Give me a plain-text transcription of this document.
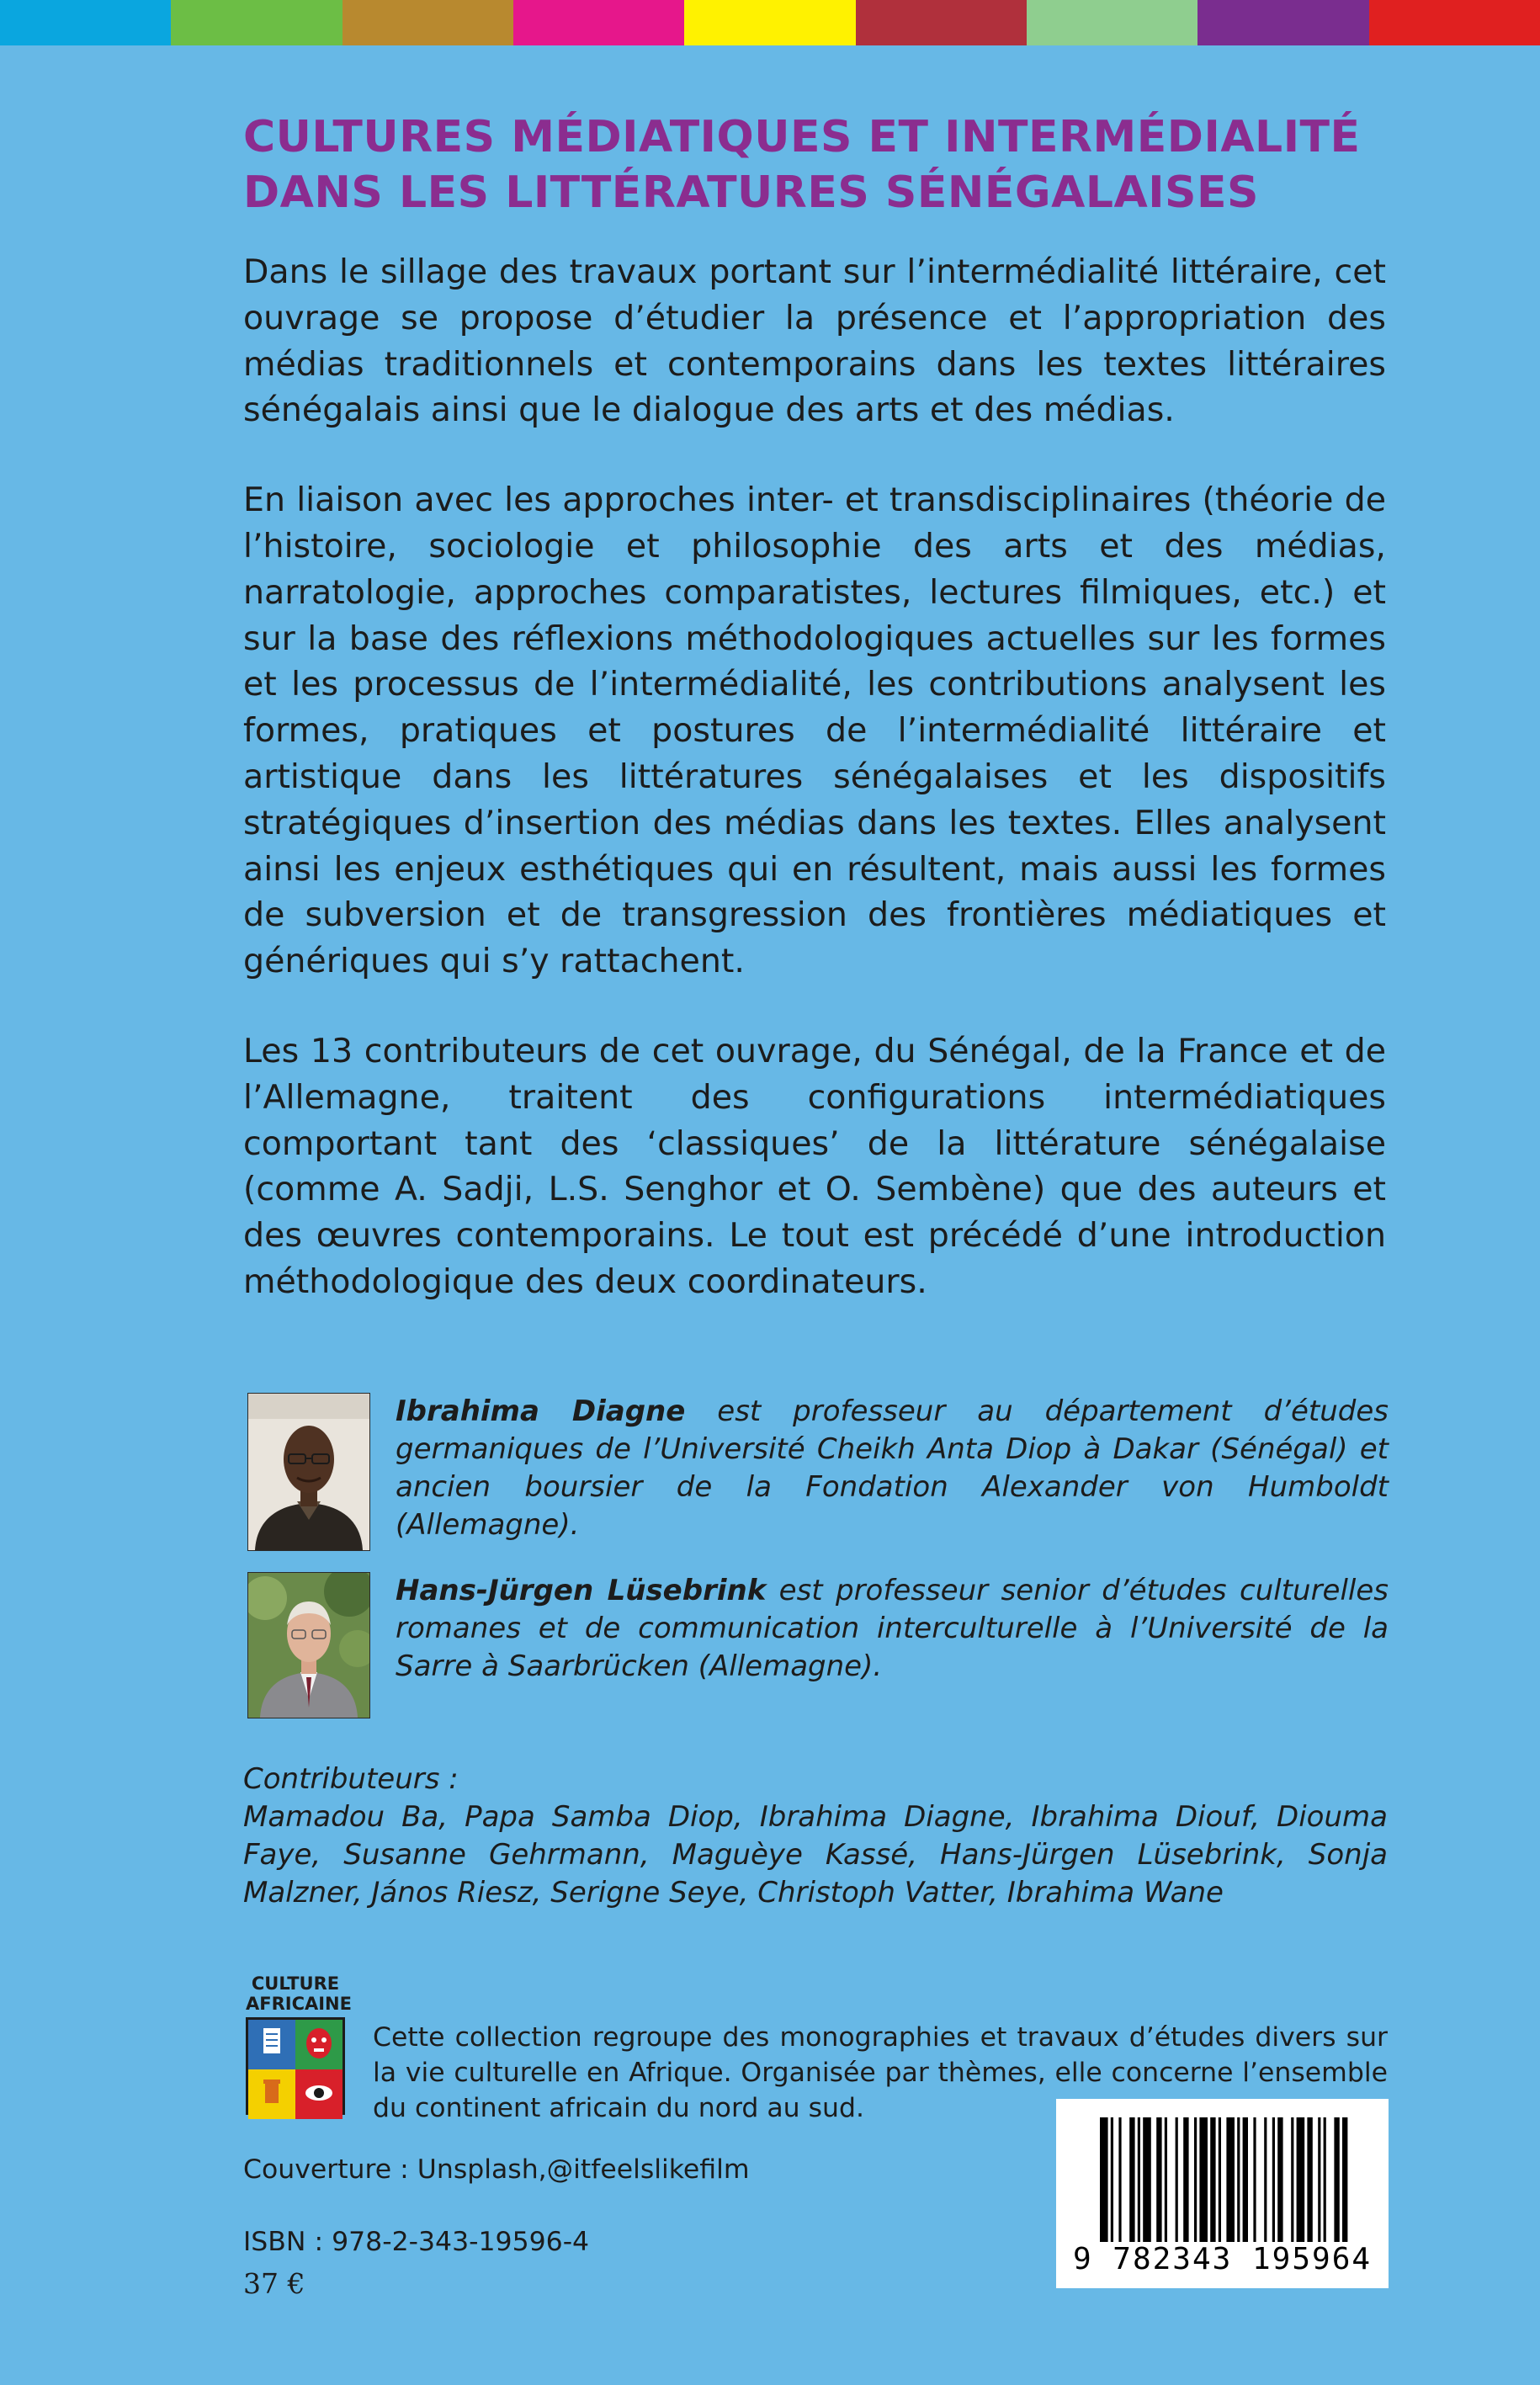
CULTURES MÉDIATIQUES ET INTERMÉDIALITÉ
DANS LES LITTÉRATURES SÉNÉGALAISES

Dans le sillage des travaux portant sur l’intermédialité littéraire, cet ouvrage se propose d’étudier la présence et l’appropriation des médias traditionnels et contemporains dans les textes littéraires sénégalais ainsi que le dialogue des arts et des médias.

En liaison avec les approches inter- et transdisciplinaires (théorie de l’histoire, sociologie et philosophie des arts et des médias, narratologie, approches comparatistes, lectures filmiques, etc.) et sur la base des réflexions méthodologiques actuelles sur les formes et les processus de l’intermédialité, les contributions analysent les formes, pratiques et postures de l’intermédialité littéraire et artistique dans les littératures sénégalaises et les dispositifs stratégiques d’insertion des médias dans les textes. Elles analysent ainsi les enjeux esthétiques qui en résultent, mais aussi les formes de subversion et de transgression des frontières médiatiques et génériques qui s’y rattachent.

Les 13 contributeurs de cet ouvrage, du Sénégal, de la France et de l’Allemagne, traitent des configurations intermédiatiques comportant tant des ‘classiques’ de la littérature sénégalaise (comme A. Sadji, L.S. Senghor et O. Sembène) que des auteurs et des œuvres contemporains. Le tout est précédé d’une introduction méthodologique des deux coordinateurs.

Ibrahima Diagne est professeur au département d’études germaniques de l’Université Cheikh Anta Diop à Dakar (Sénégal) et ancien boursier de la Fondation Alexander von Humboldt (Allemagne).

Hans-Jürgen Lüsebrink est professeur senior d’études culturelles romanes et de communication interculturelle à l’Université de la Sarre à Saarbrücken (Allemagne).

Contributeurs :
Mamadou Ba, Papa Samba Diop, Ibrahima Diagne, Ibrahima Diouf, Diouma Faye, Susanne Gehrmann, Maguèye Kassé, Hans-Jürgen Lüsebrink, Sonja Malzner, János Riesz, Serigne Seye, Christoph Vatter, Ibrahima Wane
CULTURE
AFRICAINE

Cette collection regroupe des monographies et travaux d’études divers sur la vie culturelle en Afrique. Organisée par thèmes, elle concerne l’ensemble du continent africain du nord au sud.

Couverture : Unsplash,@itfeelslikefilm

9 782343 195964

ISBN : 978-2-343-19596-4

37 €
